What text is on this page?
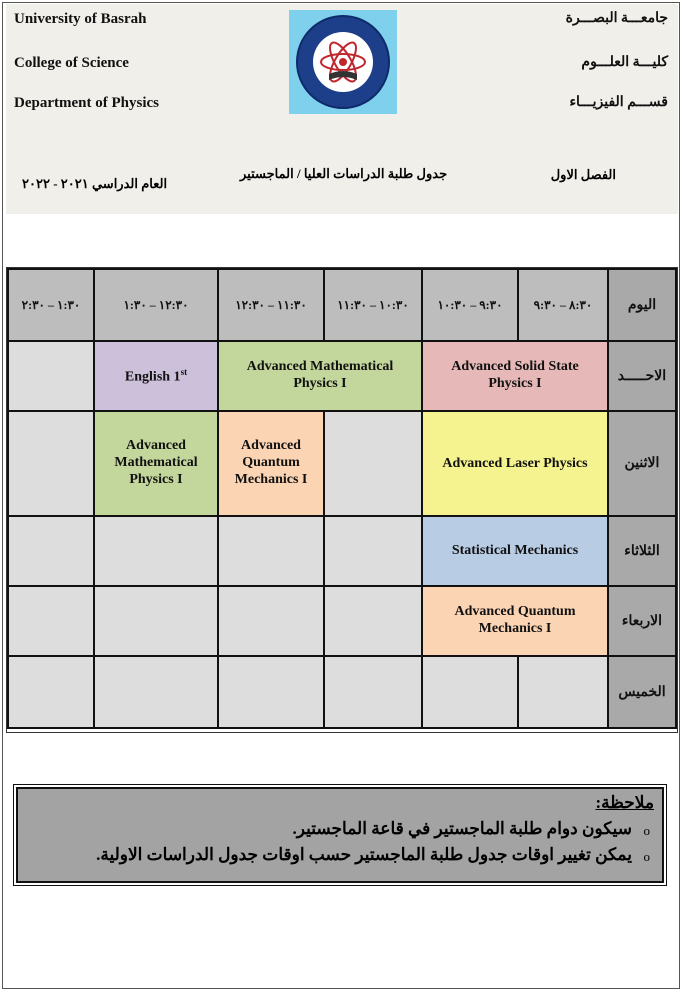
University of Basrah
College of Science
Department of Physics
جامعـــة البصـــرة
كليـــة العلـــوم
قســـم الفيزيـــاء
الفصل الاول
جدول طلبة الدراسات العليا / الماجستير
العام الدراسي ٢٠٢١ - ٢٠٢٢
١:٣٠ – ٢:٣٠	١٢:٣٠ – ١:٣٠	١١:٣٠ – ١٢:٣٠	١٠:٣٠ – ١١:٣٠	٩:٣٠ – ١٠:٣٠	٨:٣٠ – ٩:٣٠	اليوم
	English 1st	Advanced Mathematical
Physics I		Advanced Solid State
Physics I		الاحـــــد

	Advanced
Mathematical
Physics I	Advanced
Quantum
Mechanics I		Advanced Laser Physics		الاثنين
				Statistical Mechanics		الثلاثاء

				Advanced Quantum
Mechanics I		الاربعاء
						الخميس
ملاحظة:
o
سيكون دوام طلبة الماجستير في قاعة الماجستير.
o
يمكن تغيير اوقات جدول طلبة الماجستير حسب اوقات جدول الدراسات الاولية.
